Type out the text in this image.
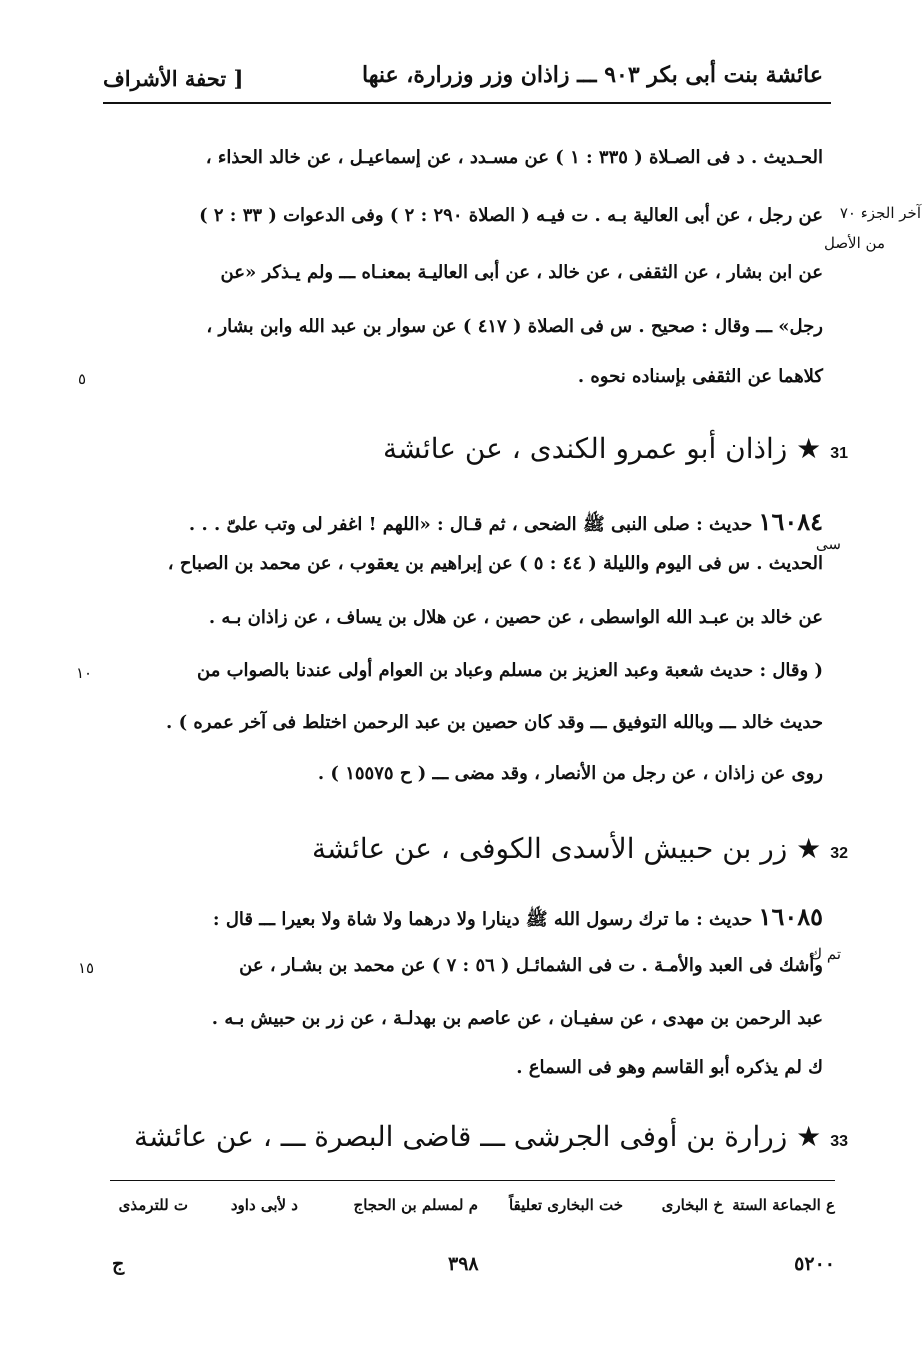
عائشة بنت أبى بكر ٩٠٣ ـــ زاذان وزر وزرارة، عنها
[ تحفة الأشراف
الحـديث . د فى الصـلاة ( ٣٣٥ : ١ ) عن مسـدد ، عن إسماعيـل ، عن خالد الحذاء ،
عن رجل ، عن أبى العالية بـه . ت فيـه ( الصلاة ٢٩٠ : ٢ ) وفى الدعوات ( ٣٣ : ٢ )
عن ابن بشار ، عن الثقفى ، عن خالد ، عن أبى العاليـة بمعنـاه ـــ ولم يـذكر «عن
رجل» ـــ وقال : صحيح . س فى الصلاة ( ٤١٧ ) عن سوار بن عبد الله وابن بشار ،
كلاهما عن الثقفى بإسناده نحوه .
آخر الجزء ٧٠
من الأصل
٥
31 ★ زاذان أبو عمرو الكندى ، عن عائشة
١٦٠٨٤ حديث : صلى النبى ﷺ الضحى ، ثم قـال : «اللهم ! اغفر لى وتب علىّ . . .
الحديث . س فى اليوم والليلة ( ٤٤ : ٥ ) عن إبراهيم بن يعقوب ، عن محمد بن الصباح ،
عن خالد بن عبـد الله الواسطى ، عن حصين ، عن هلال بن يساف ، عن زاذان بـه .
( وقال : حديث شعبة وعبد العزيز بن مسلم وعباد بن العوام أولى عندنا بالصواب من
حديث خالد ـــ وبالله التوفيق ـــ وقد كان حصين بن عبد الرحمن اختلط فى آخر عمره ) .
روى عن زاذان ، عن رجل من الأنصار ، وقد مضى ـــ ( ح ١٥٥٧٥ ) .
سى
١٠
32 ★ زر بن حبيش الأسدى الكوفى ، عن عائشة
١٦٠٨٥ حديث : ما ترك رسول الله ﷺ دينارا ولا درهما ولا شاة ولا بعيرا ـــ قال :
وأشك فى العبد والأمـة . ت فى الشمائـل ( ٥٦ : ٧ ) عن محمد بن بشـار ، عن
عبد الرحمن بن مهدى ، عن سفيـان ، عن عاصم بن بهدلـة ، عن زر بن حبيش بـه .
ك لم يذكره أبو القاسم وهو فى السماع .
تم ك
١٥
33 ★ زرارة بن أوفى الجرشى ـــ قاضى البصرة ـــ ، عن عائشة
ع الجماعة الستة
خ البخارى
خت البخارى تعليقاً
م لمسلم بن الحجاج
د لأبى داود
ت للترمذى
ج	٣٩٨	٥٢٠٠
